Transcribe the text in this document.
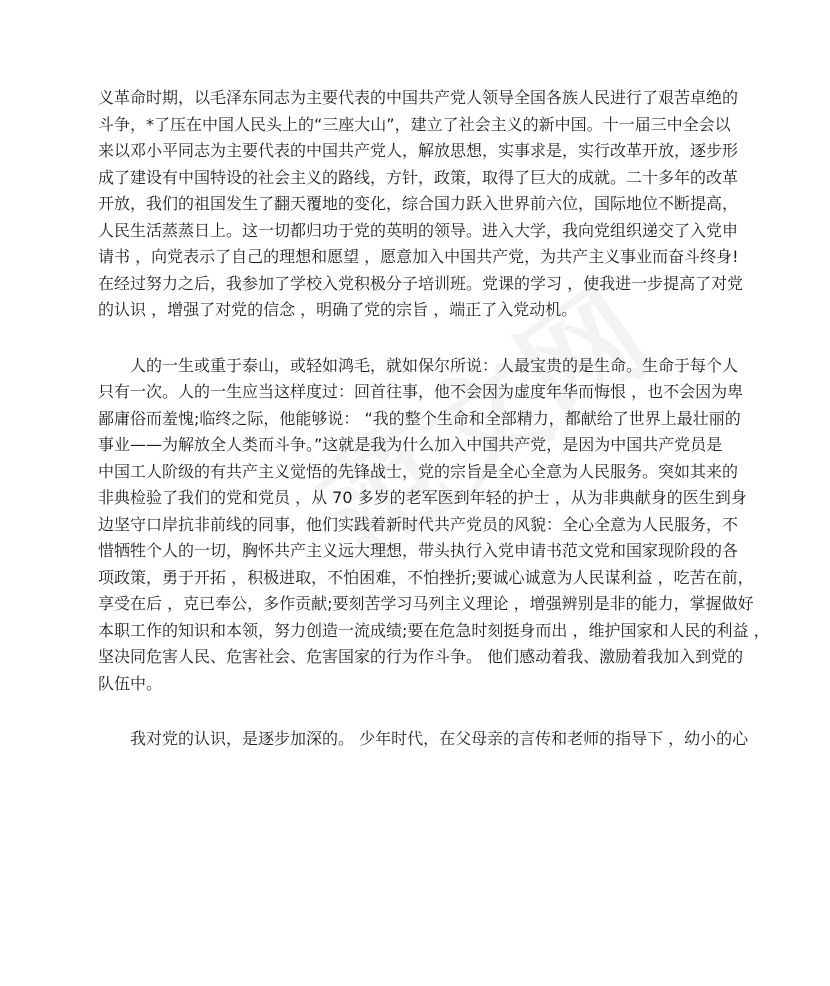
义革命时期，以毛泽东同志为主要代表的中国共产党人领导全国各族人民进行了艰苦卓绝的

斗争，*了压在中国人民头上的“三座大山”，建立了社会主义的新中国。十一届三中全会以

来以邓小平同志为主要代表的中国共产党人，解放思想，实事求是，实行改革开放，逐步形

成了建设有中国特设的社会主义的路线，方针，政策，取得了巨大的成就。二十多年的改革

开放，我们的祖国发生了翻天覆地的变化，综合国力跃入世界前六位，国际地位不断提高，

人民生活蒸蒸日上。这一切都归功于党的英明的领导。进入大学，我向党组织递交了入党申

请书 ，向党表示了自己的理想和愿望 ，愿意加入中国共产党，为共产主义事业而奋斗终身!

在经过努力之后，我参加了学校入党积极分子培训班。党课的学习 ，使我进一步提高了对党

的认识 ，增强了对党的信念 ，明确了党的宗旨 ，端正了入党动机。

　　人的一生或重于泰山，或轻如鸿毛，就如保尔所说：人最宝贵的是生命。生命于每个人

只有一次。人的一生应当这样度过：回首往事，他不会因为虚度年华而悔恨 ，也不会因为卑

鄙庸俗而羞愧;临终之际，他能够说： “我的整个生命和全部精力，都献给了世界上最壮丽的

事业——为解放全人类而斗争。”这就是我为什么加入中国共产党，是因为中国共产党员是

中国工人阶级的有共产主义觉悟的先锋战士，党的宗旨是全心全意为人民服务。突如其来的

非典检验了我们的党和党员 ，从 70 多岁的老军医到年轻的护士 ，从为非典献身的医生到身

边坚守口岸抗非前线的同事，他们实践着新时代共产党员的风貌：全心全意为人民服务，不

惜牺牲个人的一切，胸怀共产主义远大理想，带头执行入党申请书范文党和国家现阶段的各

项政策，勇于开拓 ，积极进取，不怕困难，不怕挫折;要诚心诚意为人民谋利益 ，吃苦在前，

享受在后 ，克已奉公，多作贡献;要刻苦学习马列主义理论 ，增强辨别是非的能力，掌握做好

本职工作的知识和本领，努力创造一流成绩;要在危急时刻挺身而出 ，维护国家和人民的利益 ，

坚决同危害人民、危害社会、危害国家的行为作斗争。 他们感动着我、激励着我加入到党的

队伍中。

　　我对党的认识，是逐步加深的。 少年时代，在父母亲的言传和老师的指导下 ，幼小的心
